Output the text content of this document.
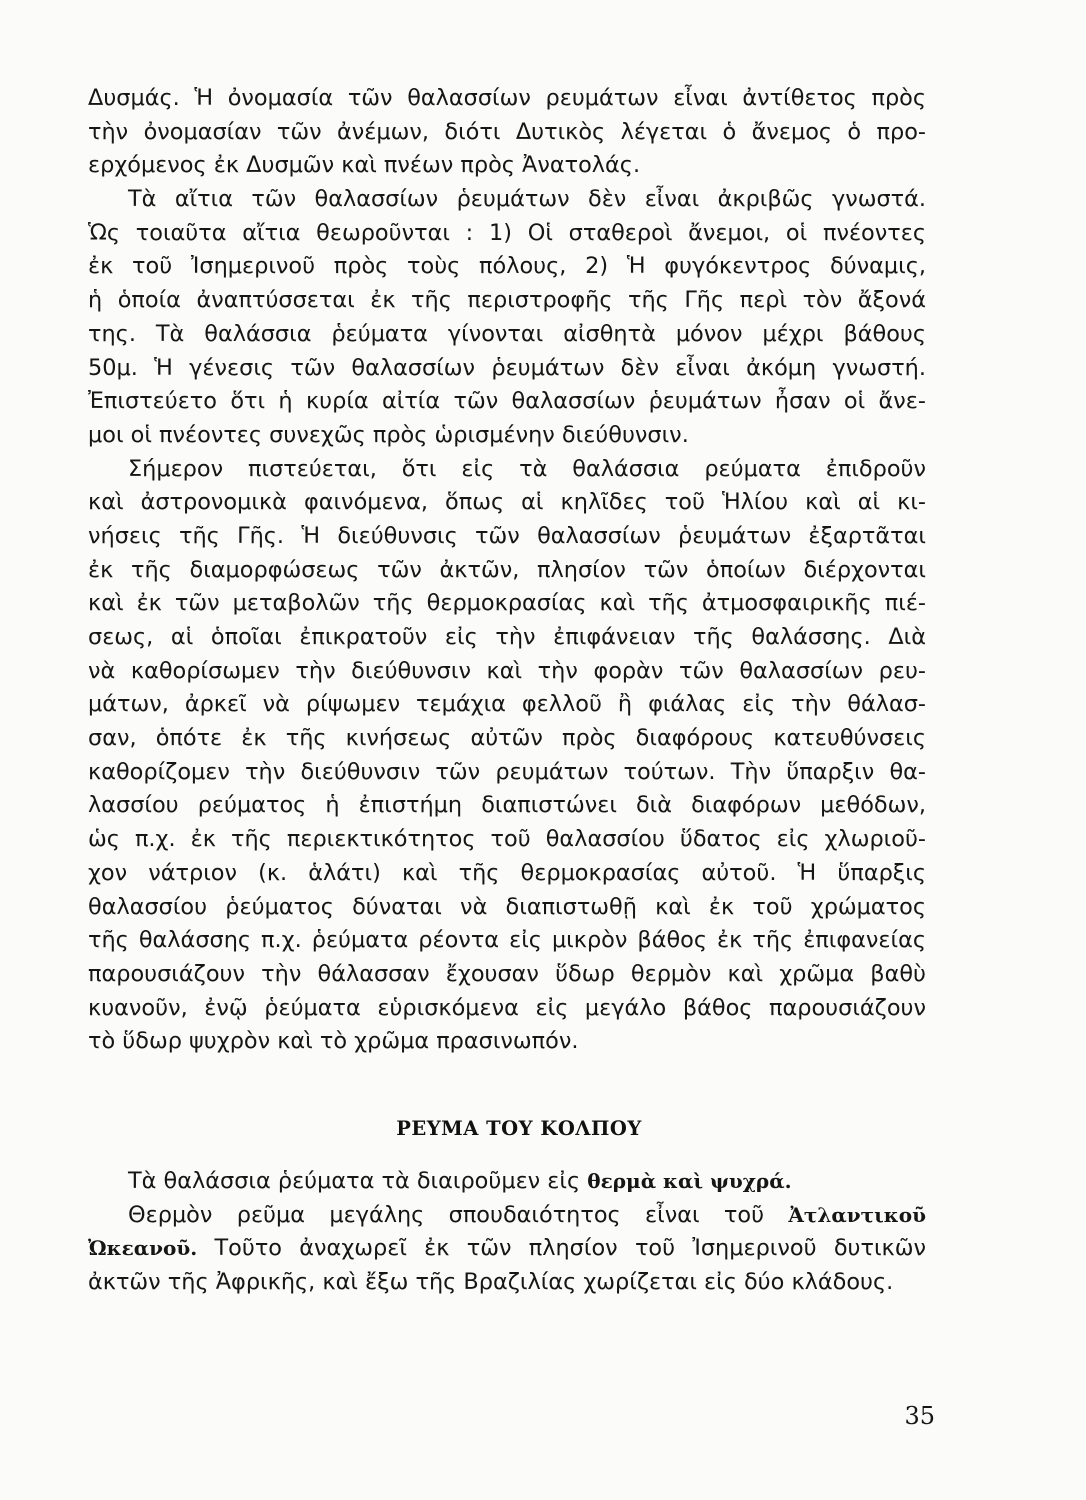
Δυσμάς. Ἡ ὀνομασία τῶν θαλασσίων ρευμάτων εἶναι ἀντίθετος πρὸς
τὴν ὀνομασίαν τῶν ἀνέμων, διότι Δυτικὸς λέγεται ὁ ἄνεμος ὁ προ-
ερχόμενος ἐκ Δυσμῶν καὶ πνέων πρὸς Ἀνατολάς.
Τὰ αἴτια τῶν θαλασσίων ῥευμάτων δὲν εἶναι ἀκριβῶς γνωστά.
Ὡς τοιαῦτα αἴτια θεωροῦνται : 1) Οἱ σταθεροὶ ἄνεμοι, οἱ πνέοντες
ἐκ τοῦ Ἰσημερινοῦ πρὸς τοὺς πόλους, 2) Ἡ φυγόκεντρος δύναμις,
ἡ ὁποία ἀναπτύσσεται ἐκ τῆς περιστροφῆς τῆς Γῆς περὶ τὸν ἄξονά
της. Τὰ θαλάσσια ῥεύματα γίνονται αἰσθητὰ μόνον μέχρι βάθους
50μ. Ἡ γένεσις τῶν θαλασσίων ῥευμάτων δὲν εἶναι ἀκόμη γνωστή.
Ἐπιστεύετο ὅτι ἡ κυρία αἰτία τῶν θαλασσίων ῥευμάτων ἦσαν οἱ ἄνε-
μοι οἱ πνέοντες συνεχῶς πρὸς ὡρισμένην διεύθυνσιν.
Σήμερον πιστεύεται, ὅτι εἰς τὰ θαλάσσια ρεύματα ἐπιδροῦν
καὶ ἀστρονομικὰ φαινόμενα, ὅπως αἱ κηλῖδες τοῦ Ἡλίου καὶ αἱ κι-
νήσεις τῆς Γῆς. Ἡ διεύθυνσις τῶν θαλασσίων ῥευμάτων ἐξαρτᾶται
ἐκ τῆς διαμορφώσεως τῶν ἀκτῶν, πλησίον τῶν ὁποίων διέρχονται
καὶ ἐκ τῶν μεταβολῶν τῆς θερμοκρασίας καὶ τῆς ἀτμοσφαιρικῆς πιέ-
σεως, αἱ ὁποῖαι ἐπικρατοῦν εἰς τὴν ἐπιφάνειαν τῆς θαλάσσης. Διὰ
νὰ καθορίσωμεν τὴν διεύθυνσιν καὶ τὴν φορὰν τῶν θαλασσίων ρευ-
μάτων, ἀρκεῖ νὰ ρίψωμεν τεμάχια φελλοῦ ἢ φιάλας εἰς τὴν θάλασ-
σαν, ὁπότε ἐκ τῆς κινήσεως αὐτῶν πρὸς διαφόρους κατευθύνσεις
καθορίζομεν τὴν διεύθυνσιν τῶν ρευμάτων τούτων. Τὴν ὕπαρξιν θα-
λασσίου ρεύματος ἡ ἐπιστήμη διαπιστώνει διὰ διαφόρων μεθόδων,
ὡς π.χ. ἐκ τῆς περιεκτικότητος τοῦ θαλασσίου ὕδατος εἰς χλωριοῦ-
χον νάτριον (κ. ἁλάτι) καὶ τῆς θερμοκρασίας αὐτοῦ. Ἡ ὕπαρξις
θαλασσίου ῥεύματος δύναται νὰ διαπιστωθῇ καὶ ἐκ τοῦ χρώματος
τῆς θαλάσσης π.χ. ῥεύματα ρέοντα εἰς μικρὸν βάθος ἐκ τῆς ἐπιφανείας
παρουσιάζουν τὴν θάλασσαν ἔχουσαν ὕδωρ θερμὸν καὶ χρῶμα βαθὺ
κυανοῦν, ἐνῷ ῥεύματα εὑρισκόμενα εἰς μεγάλο βάθος παρουσιάζουν
τὸ ὕδωρ ψυχρὸν καὶ τὸ χρῶμα πρασινωπόν.
ΡΕΥΜΑ ΤΟΥ ΚΟΛΠΟΥ
Τὰ θαλάσσια ῥεύματα τὰ διαιροῦμεν εἰς θερμὰ καὶ ψυχρά.
Θερμὸν ρεῦμα μεγάλης σπουδαιότητος εἶναι τοῦ Ἀτλαντικοῦ
Ὠκεανοῦ. Τοῦτο ἀναχωρεῖ ἐκ τῶν πλησίον τοῦ Ἰσημερινοῦ δυτικῶν
ἀκτῶν τῆς Ἀφρικῆς, καὶ ἔξω τῆς Βραζιλίας χωρίζεται εἰς δύο κλάδους.
35
